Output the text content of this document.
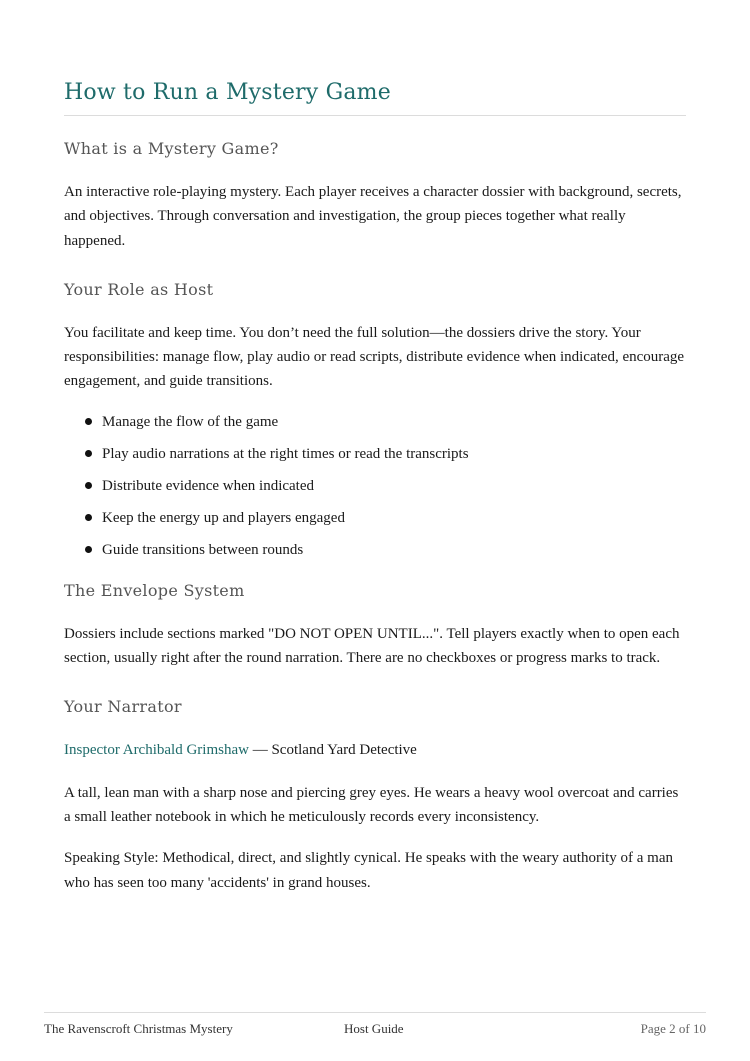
How to Run a Mystery Game
What is a Mystery Game?

An interactive role-playing mystery. Each player receives a character dossier with background, secrets, and objectives. Through conversation and investigation, the group pieces together what really happened.

Your Role as Host

You facilitate and keep time. You don’t need the full solution—the dossiers drive the story. Your responsibilities: manage flow, play audio or read scripts, distribute evidence when indicated, encourage engagement, and guide transitions.

Manage the flow of the game
Play audio narrations at the right times or read the transcripts
Distribute evidence when indicated
Keep the energy up and players engaged
Guide transitions between rounds
The Envelope System

Dossiers include sections marked "DO NOT OPEN UNTIL...". Tell players exactly when to open each section, usually right after the round narration. There are no checkboxes or progress marks to track.

Your Narrator

Inspector Archibald Grimshaw — Scotland Yard Detective

A tall, lean man with a sharp nose and piercing grey eyes. He wears a heavy wool overcoat and carries a small leather notebook in which he meticulously records every inconsistency.

Speaking Style: Methodical, direct, and slightly cynical. He speaks with the weary authority of a man who has seen too many 'accidents' in grand houses.

The Ravenscroft Christmas Mystery	Host Guide	Page 2 of 10
